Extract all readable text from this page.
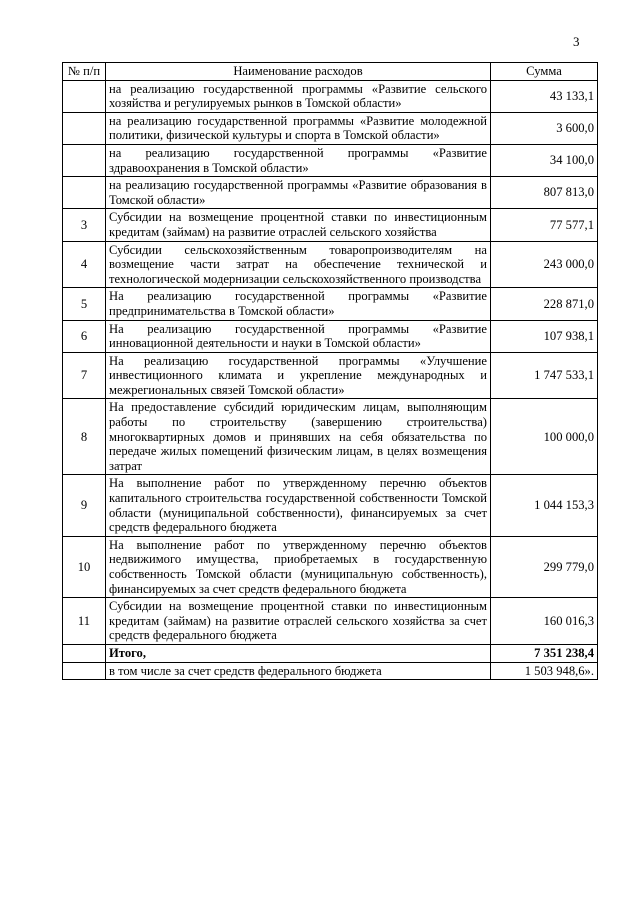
3
№ п/п	Наименование расходов	Сумма
	на реализацию государственной программы «Развитие сельского хозяйства и регулируемых рынков в Томской области»	43 133,1
	на реализацию государственной программы «Развитие молодежной политики, физической культуры и спорта в Томской области»	3 600,0
	на реализацию государственной программы «Развитие здравоохранения в Томской области»	34 100,0
	на реализацию государственной программы «Развитие образования в Томской области»	807 813,0
3	Субсидии на возмещение процентной ставки по инвестиционным кредитам (займам) на развитие отраслей сельского хозяйства	77 577,1
4	Субсидии сельскохозяйственным товаропроизводителям на возмещение части затрат на обеспечение технической и технологической модернизации сельскохозяйственного производства	243 000,0
5	На реализацию государственной программы «Развитие предпринимательства в Томской области»	228 871,0
6	На реализацию государственной программы «Развитие инновационной деятельности и науки в Томской области»	107 938,1
7	На реализацию государственной программы «Улучшение инвестиционного климата и укрепление международных и межрегиональных связей Томской области»	1 747 533,1
8	На предоставление субсидий юридическим лицам, выполняющим работы по строительству (завершению строительства) многоквартирных домов и принявших на себя обязательства по передаче жилых помещений физическим лицам, в целях возмещения затрат	100 000,0
9	На выполнение работ по утвержденному перечню объектов капитального строительства государственной собственности Томской области (муниципальной собственности), финансируемых за счет средств федерального бюджета	1 044 153,3
10	На выполнение работ по утвержденному перечню объектов недвижимого имущества, приобретаемых в государственную собственность Томской области (муниципальную собственность), финансируемых за счет средств федерального бюджета	299 779,0
11	Субсидии на возмещение процентной ставки по инвестиционным кредитам (займам) на развитие отраслей сельского хозяйства за счет средств федерального бюджета	160 016,3
	Итого,	7 351 238,4
	в том числе за счет средств федерального бюджета	1 503 948,6».
